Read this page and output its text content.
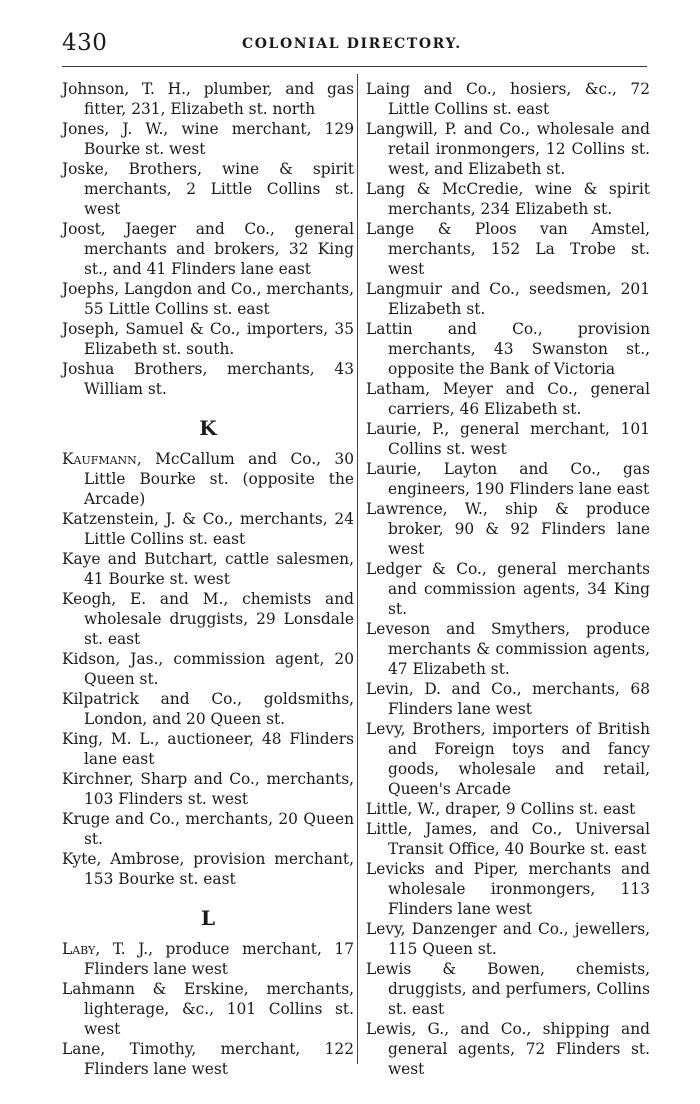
430	COLONIAL DIRECTORY.

Johnson, T. H., plumber, and gas fitter, 231, Elizabeth st. north

Jones, J. W., wine merchant, 129 Bourke st. west

Joske, Brothers, wine & spirit merchants, 2 Little Collins st. west

Joost, Jaeger and Co., general merchants and brokers, 32 King st., and 41 Flinders lane east

Joephs, Langdon and Co., merchants, 55 Little Collins st. east

Joseph, Samuel & Co., importers, 35 Elizabeth st. south.

Joshua Brothers, merchants, 43 William st.

K

Kaufmann, McCallum and Co., 30 Little Bourke st. (opposite the Arcade)

Katzenstein, J. & Co., merchants, 24 Little Collins st. east

Kaye and Butchart, cattle salesmen, 41 Bourke st. west

Keogh, E. and M., chemists and wholesale druggists, 29 Lonsdale st. east

Kidson, Jas., commission agent, 20 Queen st.

Kilpatrick and Co., goldsmiths, London, and 20 Queen st.

King, M. L., auctioneer, 48 Flinders lane east

Kirchner, Sharp and Co., merchants, 103 Flinders st. west

Kruge and Co., merchants, 20 Queen st.

Kyte, Ambrose, provision merchant, 153 Bourke st. east

L

Laby, T. J., produce merchant, 17 Flinders lane west

Lahmann & Erskine, merchants, lighterage, &c., 101 Collins st. west

Lane, Timothy, merchant, 122 Flinders lane west

Laing and Co., hosiers, &c., 72 Little Collins st. east

Langwill, P. and Co., wholesale and retail ironmongers, 12 Collins st. west, and Elizabeth st.

Lang & McCredie, wine & spirit merchants, 234 Elizabeth st.

Lange & Ploos van Amstel, merchants, 152 La Trobe st. west

Langmuir and Co., seedsmen, 201 Elizabeth st.

Lattin and Co., provision merchants, 43 Swanston st., opposite the Bank of Victoria

Latham, Meyer and Co., general carriers, 46 Elizabeth st.

Laurie, P., general merchant, 101 Collins st. west

Laurie, Layton and Co., gas engineers, 190 Flinders lane east

Lawrence, W., ship & produce broker, 90 & 92 Flinders lane west

Ledger & Co., general merchants and commission agents, 34 King st.

Leveson and Smythers, produce merchants & commission agents, 47 Elizabeth st.

Levin, D. and Co., merchants, 68 Flinders lane west

Levy, Brothers, importers of British and Foreign toys and fancy goods, wholesale and retail, Queen's Arcade

Little, W., draper, 9 Collins st. east

Little, James, and Co., Universal Transit Office, 40 Bourke st. east

Levicks and Piper, merchants and wholesale ironmongers, 113 Flinders lane west

Levy, Danzenger and Co., jewellers, 115 Queen st.

Lewis & Bowen, chemists, druggists, and perfumers, Collins st. east

Lewis, G., and Co., shipping and general agents, 72 Flinders st. west
